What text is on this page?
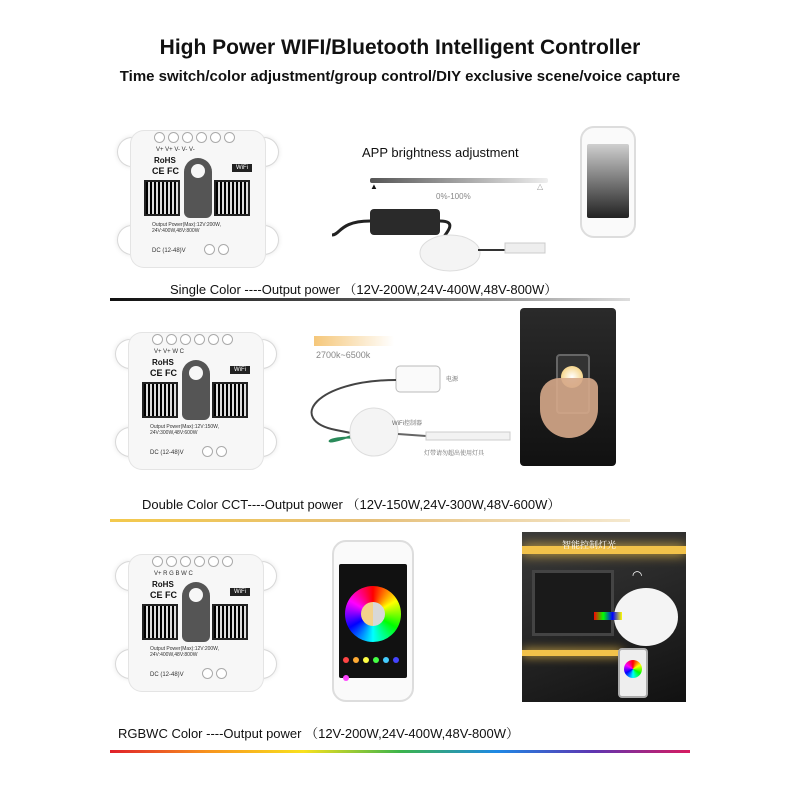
High Power WIFI/Bluetooth Intelligent Controller
Time switch/color adjustment/group control/DIY exclusive scene/voice capture
V+ V+ V- V- V-
RoHS
CE FC	WiFi
Output Power(Max):12V:200W, 24V:400W,48V:800W
DC (12-48)V
APP brightness adjustment
▲	△
0%-100%
Single Color ----Output power （12V-200W,24V-400W,48V-800W）
V+ V+ W C
RoHS
CE FC	WiFi
Output Power(Max):12V:150W, 24V:300W,48V:600W
DC (12-48)V
2700k~6500k
电源
WiFi控制器
灯带请勿超出使用灯具
Double Color CCT----Output power （12V-150W,24V-300W,48V-600W）
V+ R G B W C
RoHS
CE FC	WiFi
Output Power(Max):12V:200W, 24V:400W,48V:800W
DC (12-48)V
◠
智能控制灯光
RGBWC Color ----Output power （12V-200W,24V-400W,48V-800W）
